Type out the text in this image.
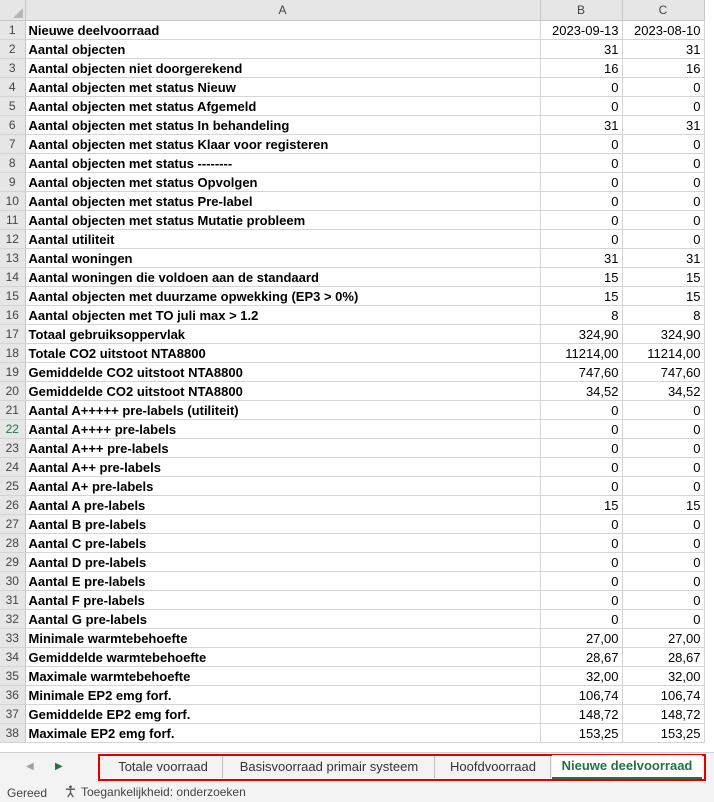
	A	B	C
1	Nieuwe deelvoorraad	2023-09-13	2023-08-10
2	Aantal objecten	31	31
3	Aantal objecten niet doorgerekend	16	16
4	Aantal objecten met status Nieuw	0	0
5	Aantal objecten met status Afgemeld	0	0
6	Aantal objecten met status In behandeling	31	31
7	Aantal objecten met status Klaar voor registeren	0	0
8	Aantal objecten met status --------	0	0
9	Aantal objecten met status Opvolgen	0	0
10	Aantal objecten met status Pre-label	0	0
11	Aantal objecten met status Mutatie probleem	0	0
12	Aantal utiliteit	0	0
13	Aantal woningen	31	31
14	Aantal woningen die voldoen aan de standaard	15	15
15	Aantal objecten met duurzame opwekking (EP3 > 0%)	15	15
16	Aantal objecten met TO juli max > 1.2	8	8
17	Totaal gebruiksoppervlak	324,90	324,90
18	Totale CO2 uitstoot NTA8800	11214,00	11214,00
19	Gemiddelde CO2 uitstoot NTA8800	747,60	747,60
20	Gemiddelde CO2 uitstoot NTA8800	34,52	34,52
21	Aantal A+++++ pre-labels (utiliteit)	0	0
22	Aantal A++++ pre-labels	0	0
23	Aantal A+++ pre-labels	0	0
24	Aantal A++ pre-labels	0	0
25	Aantal A+ pre-labels	0	0
26	Aantal A pre-labels	15	15
27	Aantal B pre-labels	0	0
28	Aantal C pre-labels	0	0
29	Aantal D pre-labels	0	0
30	Aantal E pre-labels	0	0
31	Aantal F pre-labels	0	0
32	Aantal G pre-labels	0	0
33	Minimale warmtebehoefte	27,00	27,00
34	Gemiddelde warmtebehoefte	28,67	28,67
35	Maximale warmtebehoefte	32,00	32,00
36	Minimale EP2 emg forf.	106,74	106,74
37	Gemiddelde EP2 emg forf.	148,72	148,72
38	Maximale EP2 emg forf.	153,25	153,25
◀ ▶	Totale voorraad	Basisvoorraad primair systeem	Hoofdvoorraad	Nieuwe deelvoorraad
Gereed	Toegankelijkheid: onderzoeken
